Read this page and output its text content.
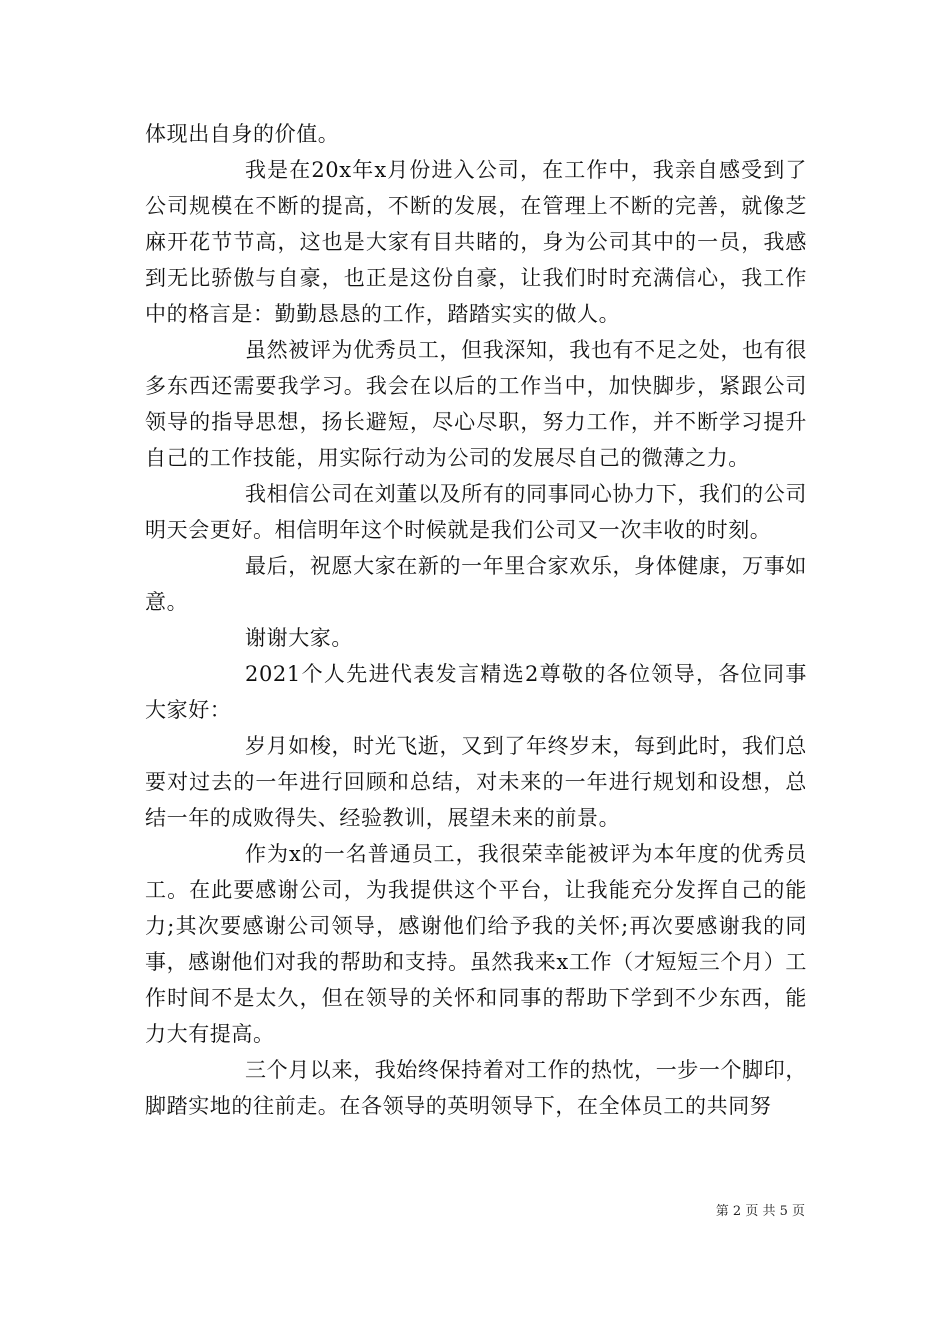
体现出自身的价值。

我是在20x年x月份进入公司，在工作中，我亲自感受到了公司规模在不断的提高，不断的发展，在管理上不断的完善，就像芝麻开花节节高，这也是大家有目共睹的，身为公司其中的一员，我感到无比骄傲与自豪，也正是这份自豪，让我们时时充满信心，我工作中的格言是：勤勤恳恳的工作，踏踏实实的做人。

虽然被评为优秀员工，但我深知，我也有不足之处，也有很多东西还需要我学习。我会在以后的工作当中，加快脚步，紧跟公司领导的指导思想，扬长避短，尽心尽职，努力工作，并不断学习提升自己的工作技能，用实际行动为公司的发展尽自己的微薄之力。

我相信公司在刘董以及所有的同事同心协力下，我们的公司明天会更好。相信明年这个时候就是我们公司又一次丰收的时刻。

最后，祝愿大家在新的一年里合家欢乐，身体健康，万事如意。

谢谢大家。

2021个人先进代表发言精选2尊敬的各位领导，各位同事大家好：

岁月如梭，时光飞逝，又到了年终岁末，每到此时，我们总要对过去的一年进行回顾和总结，对未来的一年进行规划和设想，总结一年的成败得失、经验教训，展望未来的前景。

作为x的一名普通员工，我很荣幸能被评为本年度的优秀员工。在此要感谢公司，为我提供这个平台，让我能充分发挥自己的能力;其次要感谢公司领导，感谢他们给予我的关怀;再次要感谢我的同事，感谢他们对我的帮助和支持。虽然我来x工作（才短短三个月）工作时间不是太久，但在领导的关怀和同事的帮助下学到不少东西，能力大有提高。

三个月以来，我始终保持着对工作的热忱，一步一个脚印，脚踏实地的往前走。在各领导的英明领导下，在全体员工的共同努

第 2 页 共 5 页
